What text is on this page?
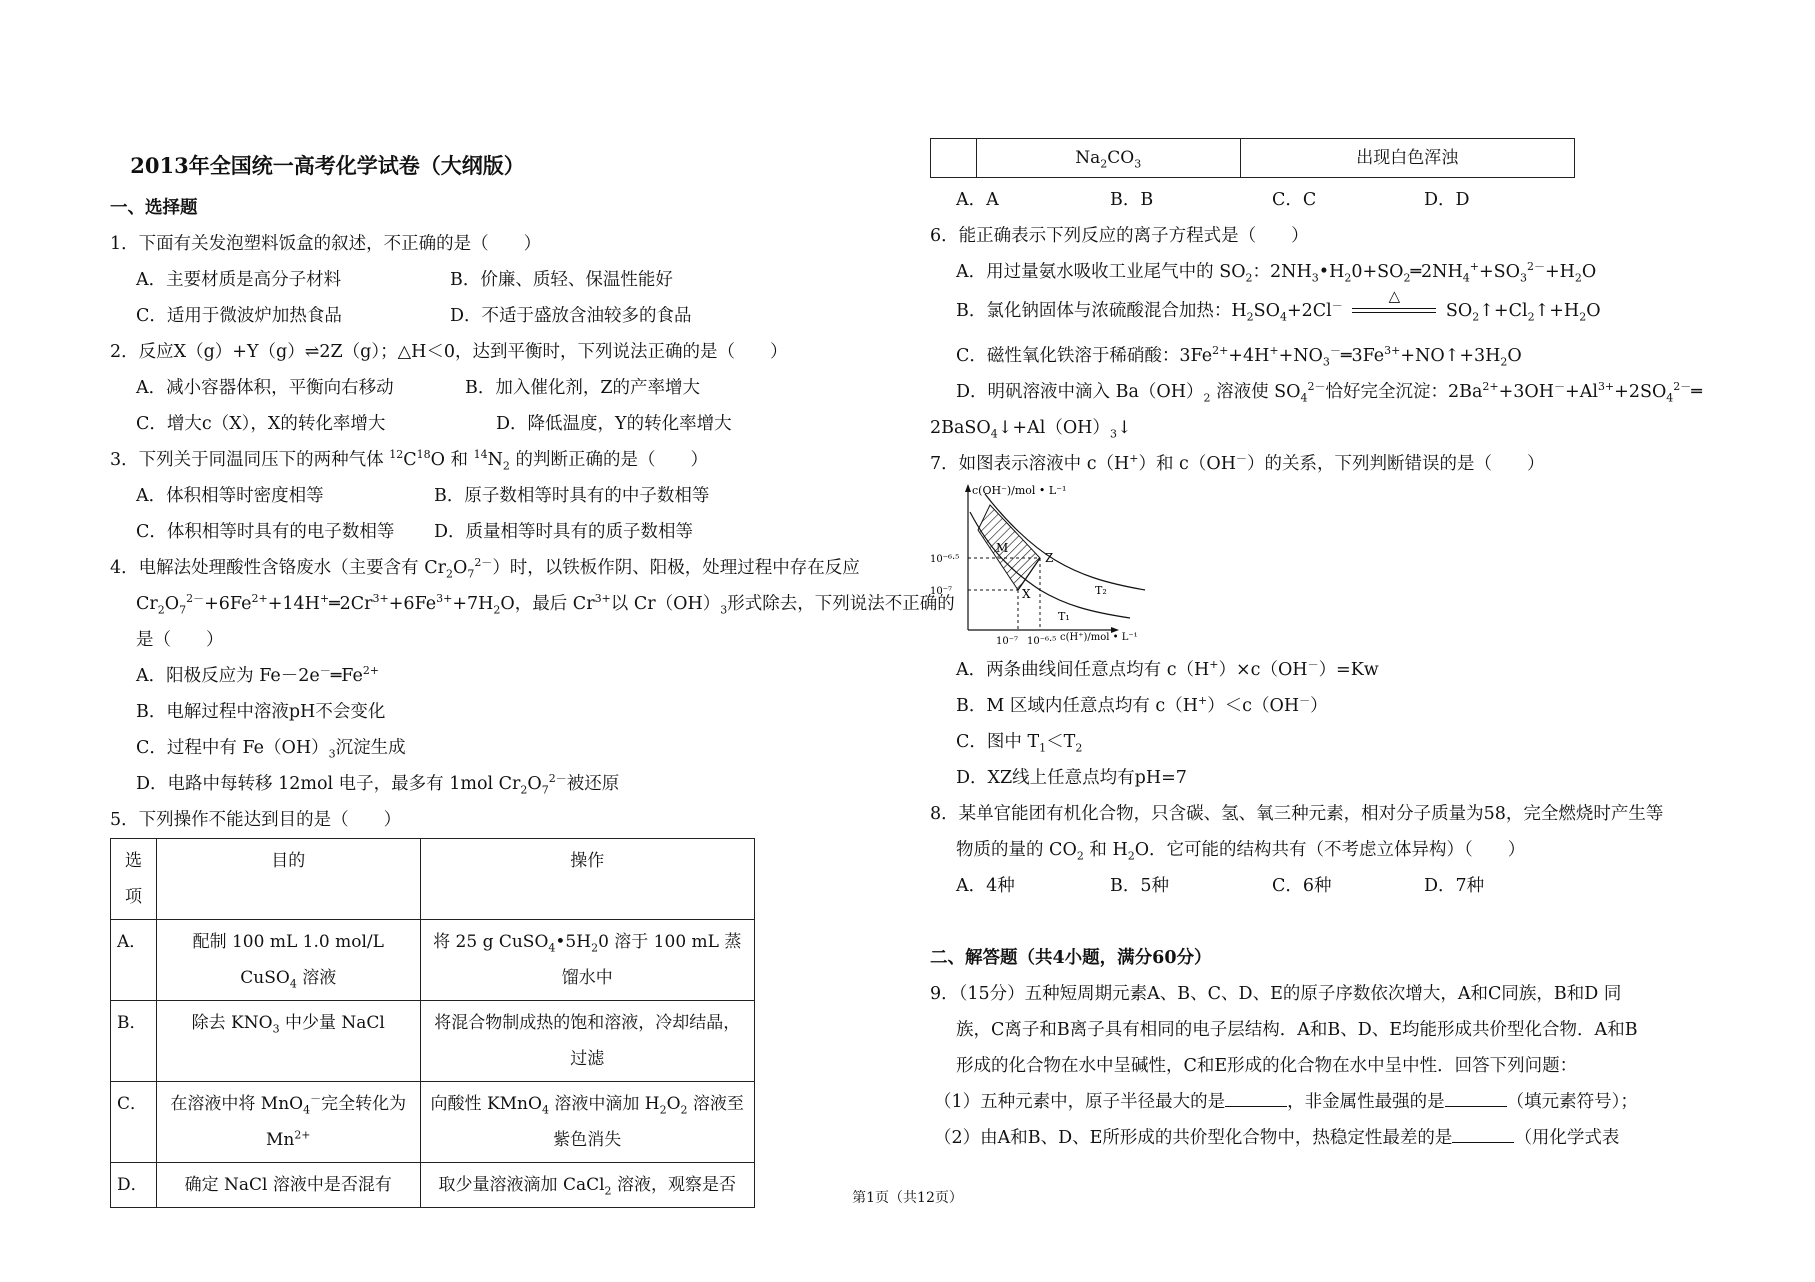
2013年全国统一高考化学试卷（大纲版）
一、选择题
1．下面有关发泡塑料饭盒的叙述，不正确的是（　　）
A．主要材质是高分子材料	B．价廉、质轻、保温性能好
C．适用于微波炉加热食品	D．不适于盛放含油较多的食品
2．反应X（g）+Y（g）⇌2Z（g）；△H＜0，达到平衡时，下列说法正确的是（　　）
A．减小容器体积，平衡向右移动	B．加入催化剂，Z的产率增大
C．增大c（X），X的转化率增大	D．降低温度，Y的转化率增大
3．下列关于同温同压下的两种气体 $^{12}C^{18}O$ 和 $^{14}N_2$ 的判断正确的是（　　）
A．体积相等时密度相等	B．原子数相等时具有的中子数相等
C．体积相等时具有的电子数相等 D．质量相等时具有的质子数相等
4．电解法处理酸性含铬废水（主要含有 $Cr_2O_7^{2-}$）时，以铁板作阴、阳极，处理过程中存在反应
$Cr_2O_7^{2-}+6Fe^{2+}+14H^+═2Cr^{3+}+6Fe^{3+}+7H_2O$，最后 $Cr^{3+}$以 $Cr(OH)_3$形式除去，下列说法不正确的
是（　　）
A．阳极反应为 $Fe-2e^-═Fe^{2+}$
B．电解过程中溶液pH不会变化
C．过程中有 $Fe(OH)_3$沉淀生成
D．电路中每转移 12mol 电子，最多有 1mol $Cr_2O_7^{2-}$被还原
5．下列操作不能达到目的是（　　）
选项	目的	操作
A．	配制 100 mL 1.0 mol/L CuSO$_4$ 溶液	将 25 g $CuSO_4•5H_20$ 溶于 100 mL 蒸馏水中
B．	除去 $KNO_3$ 中少量 NaCl	将混合物制成热的饱和溶液，冷却结晶，过滤
C．	在溶液中将 MnO$_4$－完全转化为 $Mn^{2+}$	向酸性 KMnO$_4$ 溶液中滴加 $H_2O_2$ 溶液至紫色消失
D．	确定 NaCl 溶液中是否混有	取少量溶液滴加 CaCl$_2$ 溶液，观察是否
	$Na_2CO_3$	出现白色浑浊
A．A	B．B	C．C	D．D
6．能正确表示下列反应的离子方程式是（　　）
A．用过量氨水吸收工业尾气中的 $SO_2$：$2NH_3•H_20+SO_2═2NH_4^++SO_3^{2-}+H_2O$
B．氯化钠固体与浓硫酸混合加热：$H_2SO_4+2Cl^-$
△
$SO_2↑+Cl_2↑+H_2O$
C．磁性氧化铁溶于稀硝酸：$3Fe^{2+}+4H^++NO_3^-═3Fe^{3+}+NO↑+3H_2O$
D．明矾溶液中滴入 $Ba(OH)_2$ 溶液使 $SO_4^{2-}$恰好完全沉淀：$2Ba^{2+}+3OH^-+Al^{3+}+2SO_4^{2-}═$
$2BaSO_4↓+Al(OH)_3↓$
7．如图表示溶液中 c（H+）和 c（OH－）的关系，下列判断错误的是（　　）
c(OH⁻)/mol • L⁻¹
c(H⁺)/mol • L⁻¹
10⁻⁶·⁵
10⁻⁷
10⁻⁷ 10⁻⁶·⁵
M
Z
X	T₂
T₁
A．两条曲线间任意点均有 c（H+）×c（OH－）=Kw
B．M 区域内任意点均有 c（H+）＜c（OH－）
C．图中 $T_1<T_2$
D．XZ线上任意点均有pH=7
8．某单官能团有机化合物，只含碳、氢、氧三种元素，相对分子质量为58，完全燃烧时产生等
物质的量的 $CO_2$ 和 $H_2O$．它可能的结构共有（不考虑立体异构）（　　）
A．4种	B．5种	C．6种	D．7种
二、解答题（共4小题，满分60分）
9．（15分）五种短周期元素A、B、C、D、E的原子序数依次增大，A和C同族，B和D 同
族，C离子和B离子具有相同的电子层结构．A和B、D、E均能形成共价型化合物．A和B
形成的化合物在水中呈碱性，C和E形成的化合物在水中呈中性．回答下列问题：
（1）五种元素中，原子半径最大的是	，非金属性最强的是	（填元素符号）；
（2）由A和B、D、E所形成的共价型化合物中，热稳定性最差的是	（用化学式表
第1页（共12页）
